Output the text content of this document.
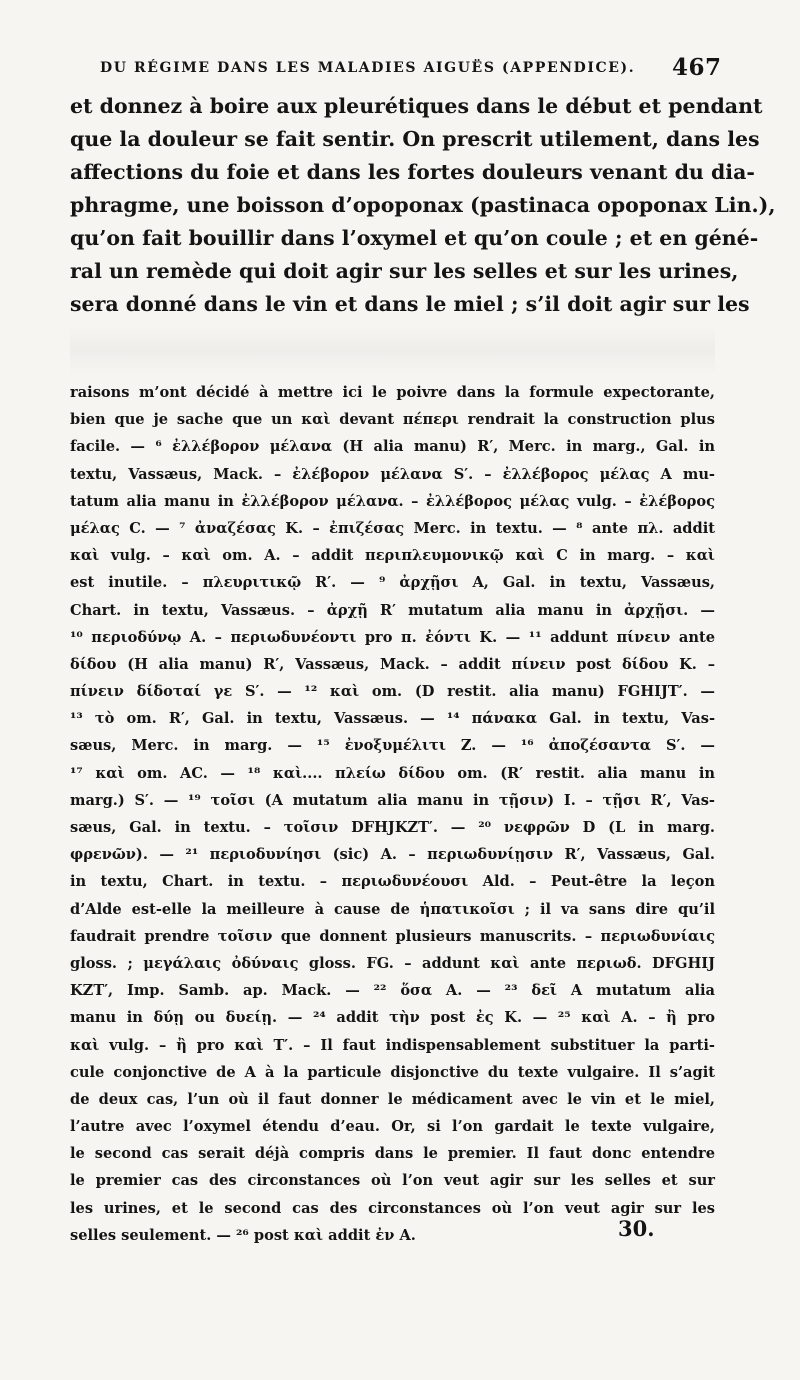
DU RÉGIME DANS LES MALADIES AIGUËS (APPENDICE).	467
et donnez à boire aux pleurétiques dans le début et pendant
que la douleur se fait sentir. On prescrit utilement, dans les
affections du foie et dans les fortes douleurs venant du dia-
phragme, une boisson d’opoponax (pastinaca opoponax Lin.),
qu’on fait bouillir dans l’oxymel et qu’on coule ; et en géné-
ral un remède qui doit agir sur les selles et sur les urines,
sera donné dans le vin et dans le miel ; s’il doit agir sur les
raisons m’ont décidé à mettre ici le poivre dans la formule expectorante,
bien que je sache que un καὶ devant πέπερι rendrait la construction plus
facile. — ⁶ ἐλλέβορον μέλανα (H alia manu) R′, Merc. in marg., Gal. in
textu, Vassæus, Mack. – ἐλέβορον μέλανα S′. – ἐλλέβορος μέλας A mu-
tatum alia manu in ἐλλέβορον μέλανα. – ἐλλέβορος μέλας vulg. – ἐλέβορος
μέλας C. — ⁷ ἀναζέσας K. – ἐπιζέσας Merc. in textu. — ⁸ ante πλ. addit
καὶ vulg. – καὶ om. A. – addit περιπλευμονικῷ καὶ C in marg. – καὶ
est inutile. – πλευριτικῷ R′. — ⁹ ἀρχῇσι A, Gal. in textu, Vassæus,
Chart. in textu, Vassæus. – ἀρχῇ R′ mutatum alia manu in ἀρχῇσι. —
¹⁰ περιοδύνῳ A. – περιωδυνέοντι pro π. ἐόντι K. — ¹¹ addunt πίνειν ante
δίδου (H alia manu) R′, Vassæus, Mack. – addit πίνειν post δίδου K. –
πίνειν δίδοταί γε S′. — ¹² καὶ om. (D restit. alia manu) FGHIJT′. —
¹³ τὸ om. R′, Gal. in textu, Vassæus. — ¹⁴ πάνακα Gal. in textu, Vas-
sæus, Merc. in marg. — ¹⁵ ἐνοξυμέλιτι Z. — ¹⁶ ἀποζέσαντα S′. —
¹⁷ καὶ om. AC. — ¹⁸ καὶ.... πλείω δίδου om. (R′ restit. alia manu in
marg.) S′. — ¹⁹ τοῖσι (A mutatum alia manu in τῇσιν) I. – τῇσι R′, Vas-
sæus, Gal. in textu. – τοῖσιν DFHJKZT′. — ²⁰ νεφρῶν D (L in marg.
φρενῶν). — ²¹ περιοδυνίησι (sic) A. – περιωδυνίῃσιν R′, Vassæus, Gal.
in textu, Chart. in textu. – περιωδυνέουσι Ald. – Peut-être la leçon
d’Alde est-elle la meilleure à cause de ἡπατικοῖσι ; il va sans dire qu’il
faudrait prendre τοῖσιν que donnent plusieurs manuscrits. – περιωδυνίαις
gloss. ; μεγάλαις ὀδύναις gloss. FG. – addunt καὶ ante περιωδ. DFGHIJ
KZT′, Imp. Samb. ap. Mack. — ²² ὅσα A. — ²³ δεῖ A mutatum alia
manu in δύῃ ou δυείῃ. — ²⁴ addit τὴν post ἐς K. — ²⁵ καὶ A. – ἢ pro
καὶ vulg. – ἢ pro καὶ T′. – Il faut indispensablement substituer la parti-
cule conjonctive de A à la particule disjonctive du texte vulgaire. Il s’agit
de deux cas, l’un où il faut donner le médicament avec le vin et le miel,
l’autre avec l’oxymel étendu d’eau. Or, si l’on gardait le texte vulgaire,
le second cas serait déjà compris dans le premier. Il faut donc entendre
le premier cas des circonstances où l’on veut agir sur les selles et sur
les urines, et le second cas des circonstances où l’on veut agir sur les
selles seulement. — ²⁶ post καὶ addit ἐν A.	30.
